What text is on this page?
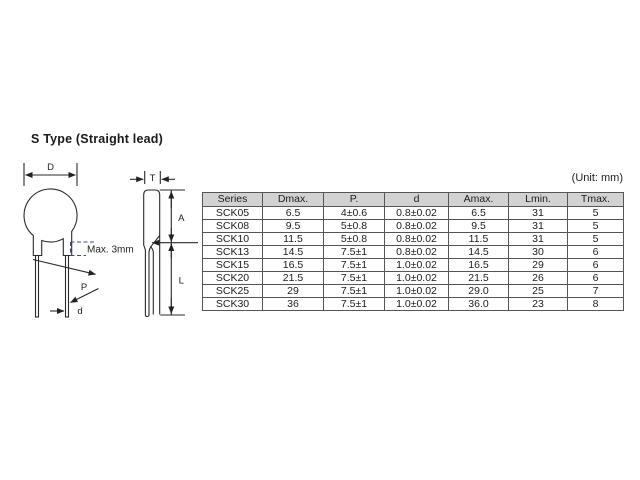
S Type (Straight lead)
(Unit: mm)
D
P
d
Max. 3mm
T
A
L
Series	Dmax.	P.	d	Amax.	Lmin.	Tmax.
SCK05	6.5	4±0.6	0.8±0.02	6.5	31	5
SCK08	9.5	5±0.8	0.8±0.02	9.5	31	5
SCK10	11.5	5±0.8	0.8±0.02	11.5	31	5
SCK13	14.5	7.5±1	0.8±0.02	14.5	30	6
SCK15	16.5	7.5±1	1.0±0.02	16.5	29	6
SCK20	21.5	7.5±1	1.0±0.02	21.5	26	6
SCK25	29	7.5±1	1.0±0.02	29.0	25	7
SCK30	36	7.5±1	1.0±0.02	36.0	23	8
